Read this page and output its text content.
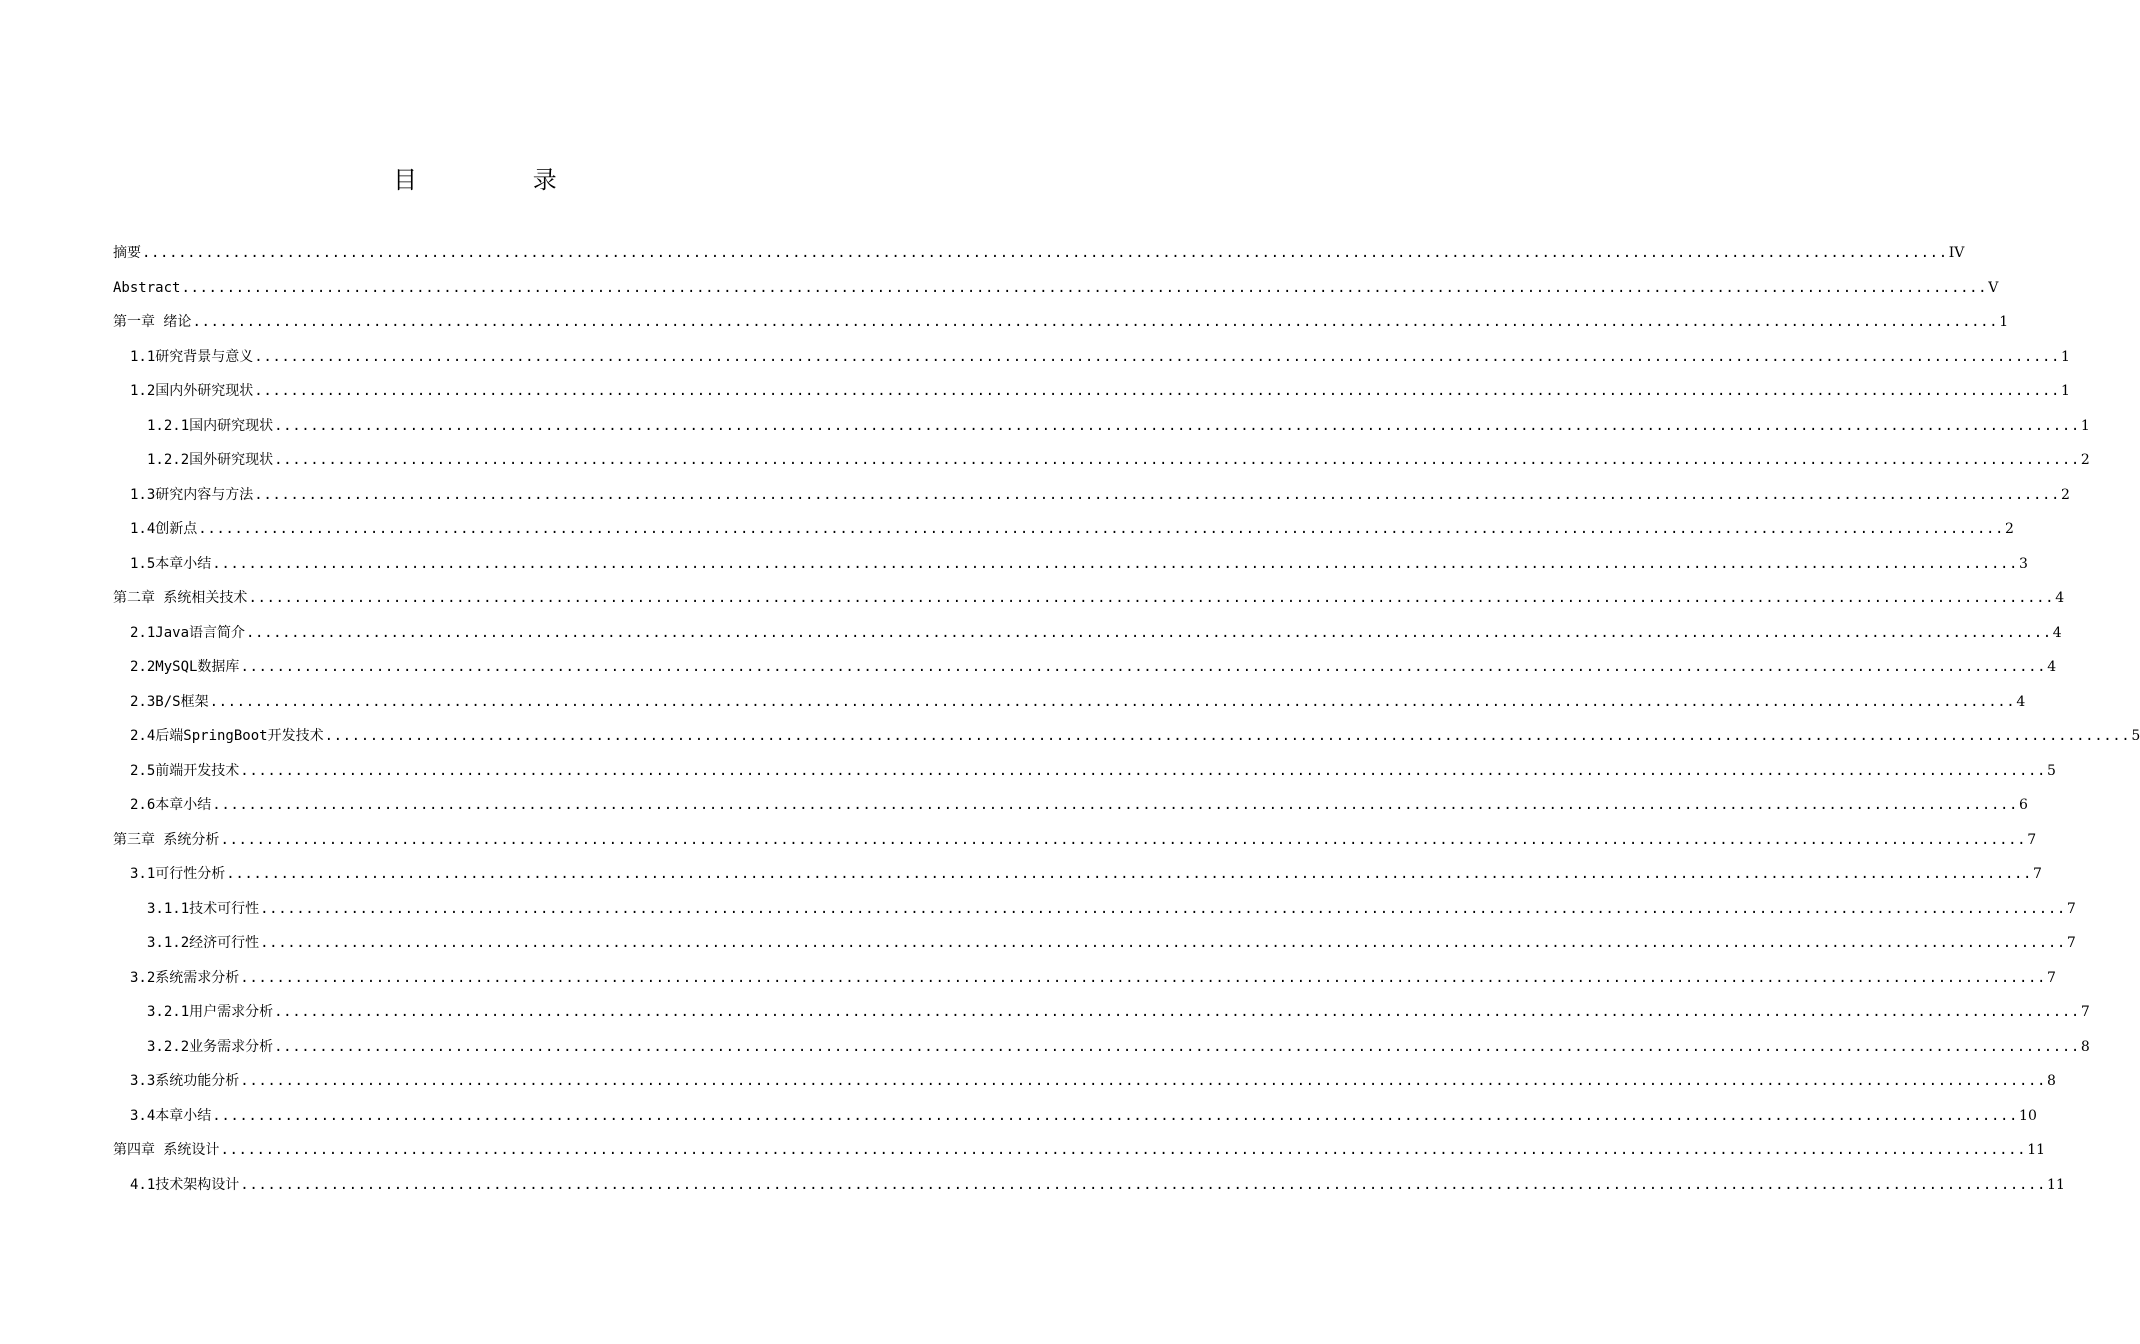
目 录
摘要 ........................................................................................................................................................................................................ IV
Abstract ........................................................................................................................................................................................................ V
第一章 绪论 ........................................................................................................................................................................................................ 1
1.1研究背景与意义 ........................................................................................................................................................................................................ 1
1.2国内外研究现状 ........................................................................................................................................................................................................ 1
1.2.1国内研究现状 ........................................................................................................................................................................................................ 1
1.2.2国外研究现状 ........................................................................................................................................................................................................ 2
1.3研究内容与方法 ........................................................................................................................................................................................................ 2
1.4创新点 ........................................................................................................................................................................................................ 2
1.5本章小结 ........................................................................................................................................................................................................ 3
第二章 系统相关技术 ........................................................................................................................................................................................................ 4
2.1Java语言简介 ........................................................................................................................................................................................................ 4
2.2MySQL数据库 ........................................................................................................................................................................................................ 4
2.3B/S框架 ........................................................................................................................................................................................................ 4
2.4后端SpringBoot开发技术 ........................................................................................................................................................................................................ 5
2.5前端开发技术 ........................................................................................................................................................................................................ 5
2.6本章小结 ........................................................................................................................................................................................................ 6
第三章 系统分析 ........................................................................................................................................................................................................ 7
3.1可行性分析 ........................................................................................................................................................................................................ 7
3.1.1技术可行性 ........................................................................................................................................................................................................ 7
3.1.2经济可行性 ........................................................................................................................................................................................................ 7
3.2系统需求分析 ........................................................................................................................................................................................................ 7
3.2.1用户需求分析 ........................................................................................................................................................................................................ 7
3.2.2业务需求分析 ........................................................................................................................................................................................................ 8
3.3系统功能分析 ........................................................................................................................................................................................................ 8
3.4本章小结 ........................................................................................................................................................................................................ 10
第四章 系统设计 ........................................................................................................................................................................................................ 11
4.1技术架构设计 ........................................................................................................................................................................................................ 11
